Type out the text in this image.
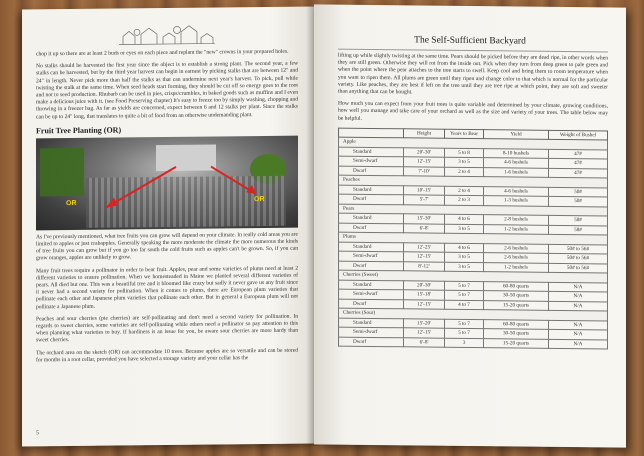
chop it up so there are at least 2 buds or eyes on each piece and replant the "new" crowns in your prepared holes.

No stalks should be harvested the first year since the object is to establish a strong plant. The second year, a few stalks can be harvested, but by the third year harvest can begin in earnest by picking stalks that are between 12" and 24" in length. Never pick more than half the stalks as that can undermine next year's harvest. To pick, pull while twisting the stalk at the same time. When seed heads start forming, they should be cut off so energy goes to the root and not to seed production. Rhubarb can be used in pies, crisps/crumbles, in baked goods such as muffins and I even make a delicious juice with it. (see Food Preserving chapter) It's easy to freeze too by simply washing, chopping and throwing in a freezer bag. As far as yields are concerned, expect between 6 and 12 stalks per plant. Since the stalks can be up to 24" long, that translates to quite a bit of food from an otherwise undemanding plant.

Fruit Tree Planting (OR)
OR
OR

As I've previously mentioned, what tree fruits you can grow will depend on your climate. In really cold areas you are limited to apples or just crabapples. Generally speaking the more moderate the climate the more numerous the kinds of tree fruits you can grow but if you go too far south the cold fruits such as apples can't be grown. So, if you can grow oranges, apples are unlikely to grow.

Many fruit trees require a pollinator in order to bear fruit. Apples, pear and some varieties of plums need at least 2 different varieties to ensure pollination. When we homesteaded in Maine we planted several different varieties of pears. All died but one. This was a beautiful tree and it bloomed like crazy but sadly it never gave us any fruit since it never had a second variety for pollination. When it comes to plums, there are European plum varieties that pollinate each other and Japanese plum varieties that pollinate each other. But in general a European plum will not pollinate a Japanese plum.

Peaches and sour cherries (pie cherries) are self-pollinating and don't need a second variety for pollination. In regards to sweet cherries, some varieties are self-pollinating while others need a pollinator so pay attention to this when planning what varieties to buy. If hardiness is an issue for you, be aware sour cherries are more hardy than sweet cherries.

The orchard area on the sketch (OR) can accommodate 10 trees. Because apples are so versatile and can be stored for months in a root cellar, provided you have selected a storage variety and your cellar has the

5
The Self-Sufficient Backyard

lifting up while slightly twisting at the same time. Pears should be picked before they are dead ripe, in other words when they are still green. Otherwise they will rot from the inside out. Pick when they turn from deep green to pale green and when the point where the pear attaches to the tree starts to swell. Keep cool and bring them to room temperature when you want to ripen them. All plums are green until they ripen and change color to that which is normal for the particular variety. Like peaches, they are best if left on the tree until they are tree ripe at which point, they are soft and sweeter than anything that can be bought.

How much you can expect from your fruit trees is quite variable and determined by your climate, growing conditions, how well you manage and take care of your orchard as well as the size and variety of your trees. The table below may be helpful.

	Height	Years to Bear	Yield	Weight of Bushel
Apple				
Standard	20'-30'	5 to 8	8-10 bushels	47#
Semi-dwarf	12'-15'	3 to 5	4-6 bushels	47#
Dwarf	7'-10'	2 to 4	1-6 bushels	47#
Peaches				
Standard	10'-15'	2 to 4	4-6 bushels	50#
Dwarf	5'-7'	2 to 3	1-3 bushels	50#
Pears				
Standard	15'-30'	4 to 6	2-8 bushels	58#
Dwarf	6'-8'	3 to 5	1-2 bushels	58#
Plums				
Standard	12'-25'	4 to 6	2-6 bushels	50# to 56#
Semi-dwarf	12'-15'	3 to 5	2-6 bushels	50# to 56#
Dwarf	8'-12'	3 to 5	1-2 bushels	50# to 56#
Cherries (Sweet)				
Standard	20'-30'	5 to 7	60-80 quarts	N/A
Semi-dwarf	15'-18'	5 to 7	30-50 quarts	N/A
Dwarf	12'-15'	4 to 7	15-20 quarts	N/A
Cherries (Sour)				
Standard	15'-20'	5 to 7	60-80 quarts	N/A
Semi-dwarf	12'-15'	5 to 7	30-50 quarts	N/A
Dwarf	6'-8'	3	15-20 quarts	N/A
